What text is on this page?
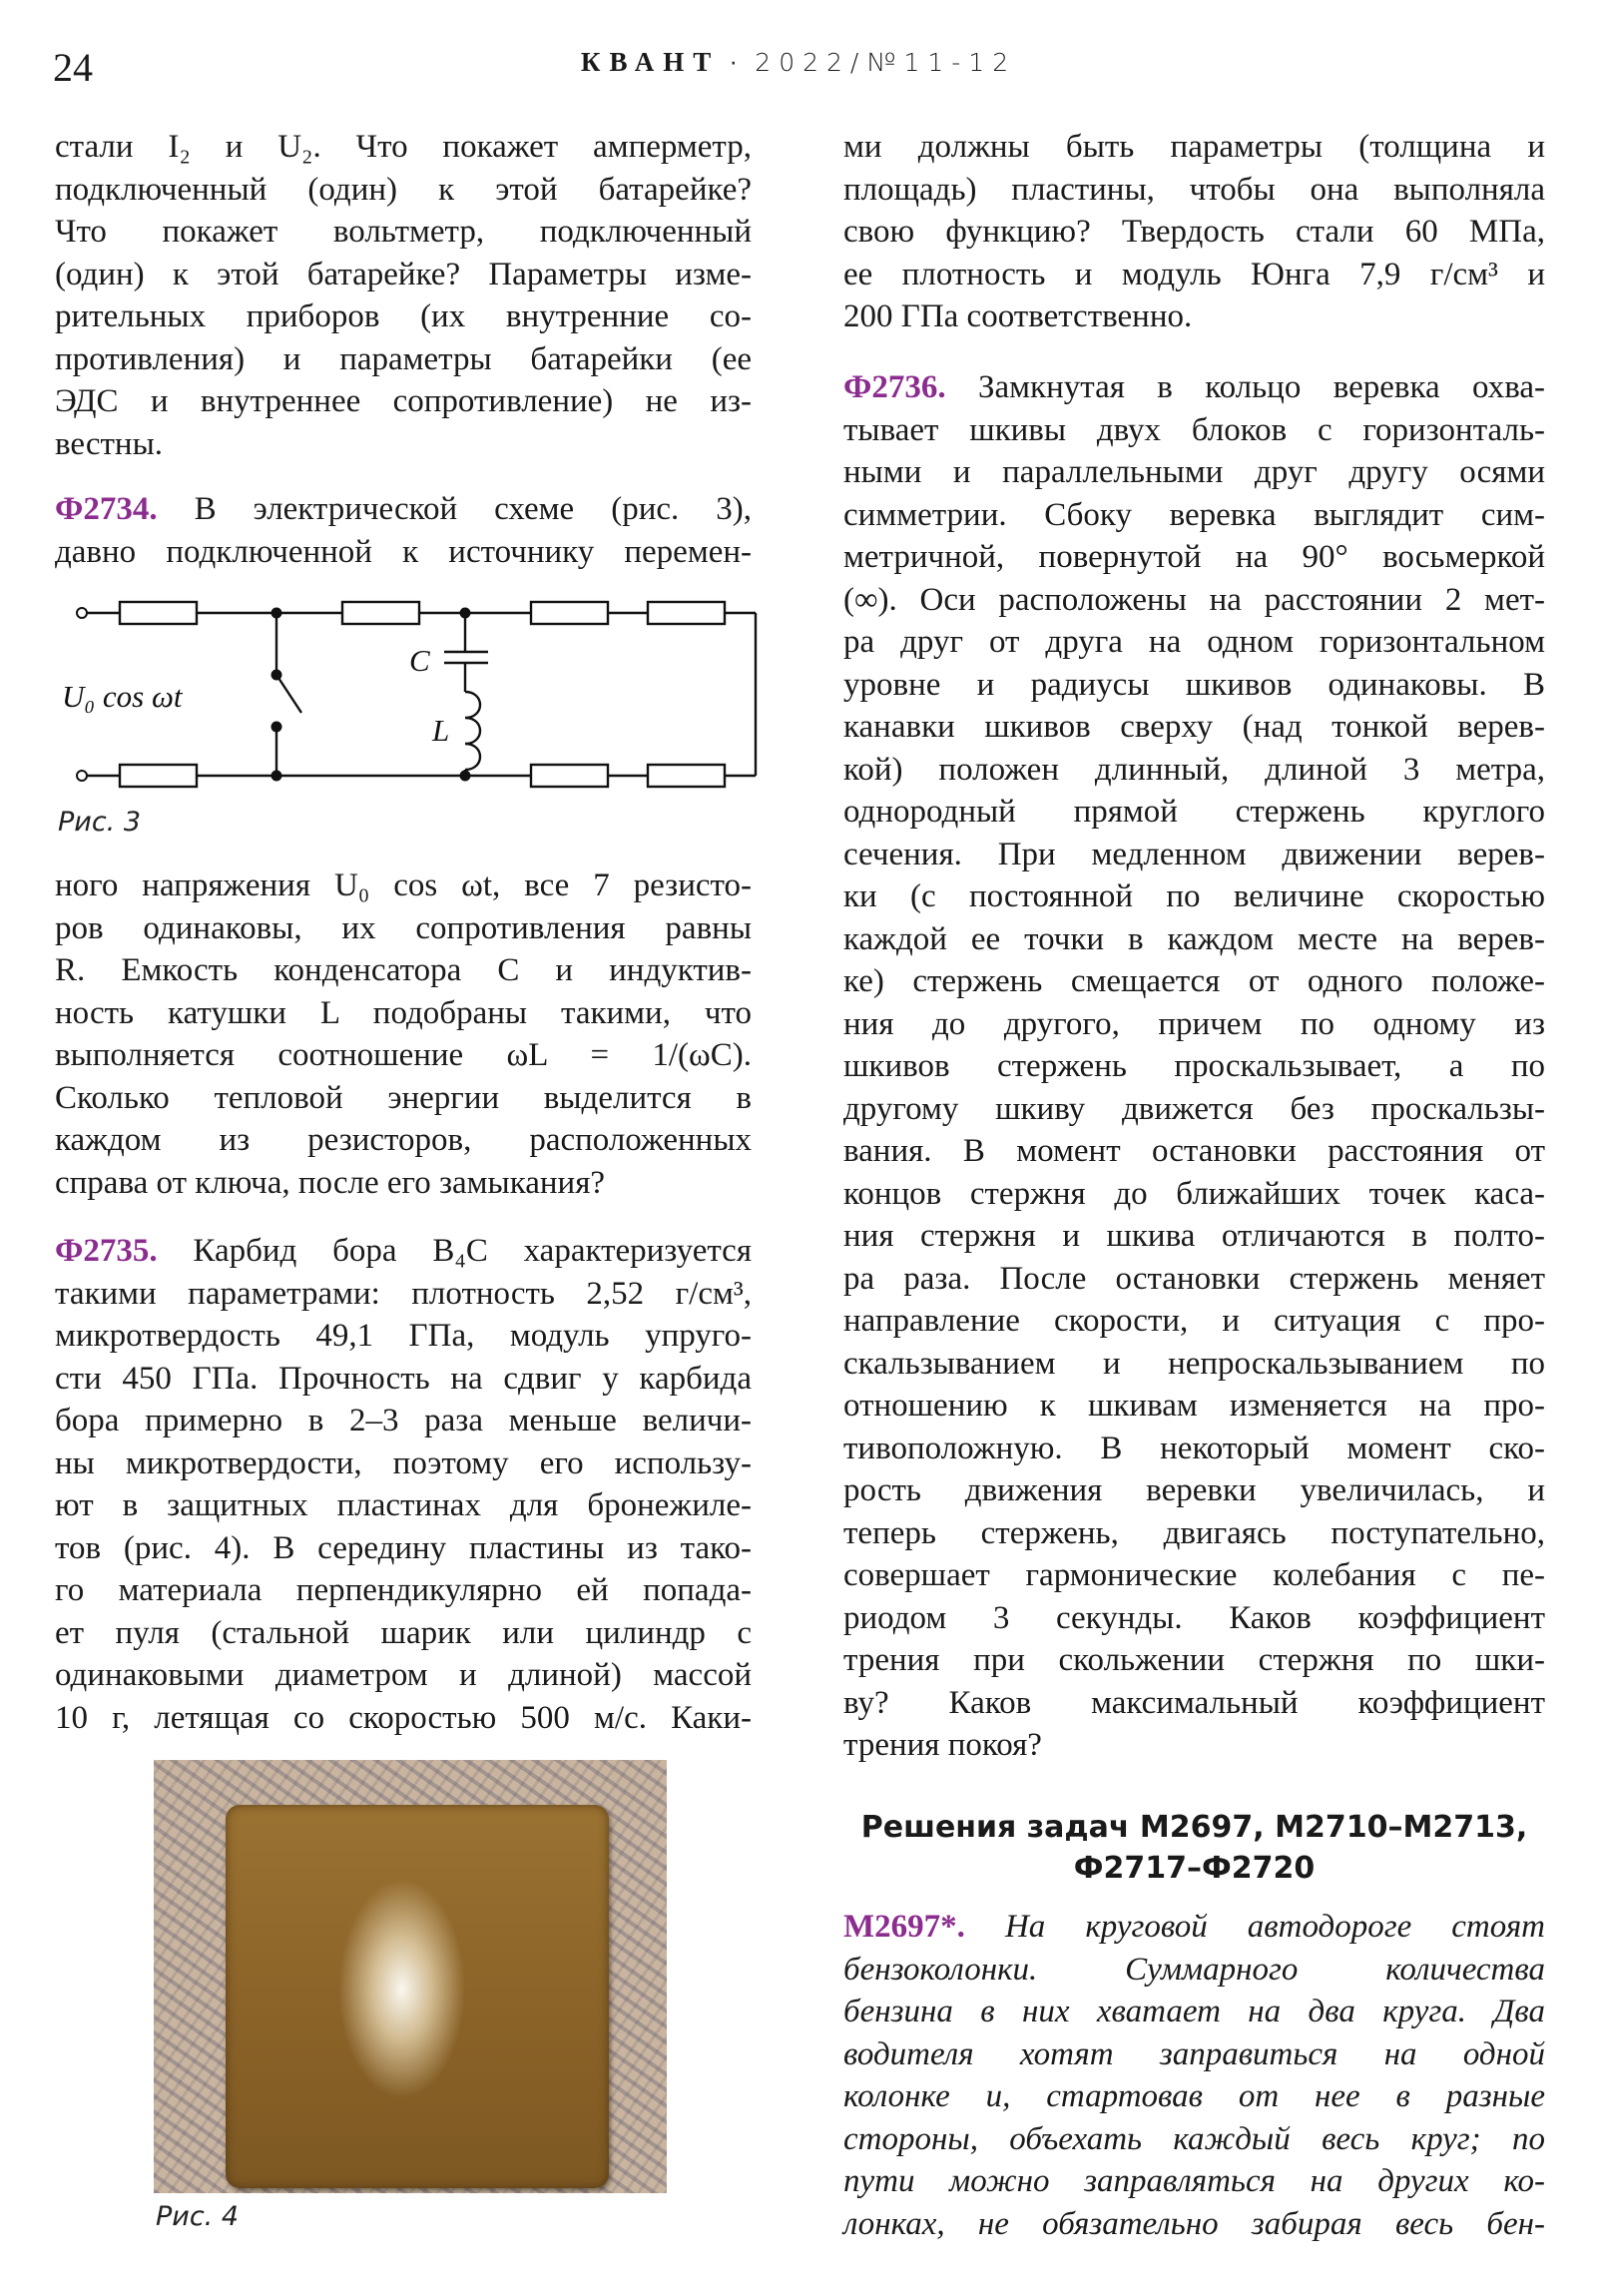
24	КВАНТ · 2022/№11-12
стали I₂ и U₂. Что покажет амперметр,
подключенный (один) к этой батарейке?
Что покажет вольтметр, подключенный
(один) к этой батарейке? Параметры изме-
рительных приборов (их внутренние со-
противления) и параметры батарейки (ее
ЭДС и внутреннее сопротивление) не из-
вестны.
Ф2734. В электрической схеме (рис. 3),
давно подключенной к источнику перемен-
ного напряжения U₀ cos ωt, все 7 резисто-
ров одинаковы, их сопротивления равны
R. Емкость конденсатора C и индуктив-
ность катушки L подобраны такими, что
выполняется соотношение ωL = 1/(ωC).
Сколько тепловой энергии выделится в
каждом из резисторов, расположенных
справа от ключа, после его замыкания?
Ф2735. Карбид бора B₄C характеризуется
такими параметрами: плотность 2,52 г/см³,
микротвердость 49,1 ГПа, модуль упруго-
сти 450 ГПа. Прочность на сдвиг у карбида
бора примерно в 2–3 раза меньше величи-
ны микротвердости, поэтому его использу-
ют в защитных пластинах для бронежиле-
тов (рис. 4). В середину пластины из тако-
го материала перпендикулярно ей попада-
ет пуля (стальной шарик или цилиндр с
одинаковыми диаметром и длиной) массой
10 г, летящая со скоростью 500 м/с. Каки-
U₀ cos ωt
C
L
Рис. 3
Рис. 4
ми должны быть параметры (толщина и
площадь) пластины, чтобы она выполняла
свою функцию? Твердость стали 60 МПа,
ее плотность и модуль Юнга 7,9 г/см³ и
200 ГПа соответственно.
Ф2736. Замкнутая в кольцо веревка охва-
тывает шкивы двух блоков с горизонталь-
ными и параллельными друг другу осями
симметрии. Сбоку веревка выглядит сим-
метричной, повернутой на 90° восьмеркой
(∞). Оси расположены на расстоянии 2 мет-
ра друг от друга на одном горизонтальном
уровне и радиусы шкивов одинаковы. В
канавки шкивов сверху (над тонкой верев-
кой) положен длинный, длиной 3 метра,
однородный прямой стержень круглого
сечения. При медленном движении верев-
ки (с постоянной по величине скоростью
каждой ее точки в каждом месте на верев-
ке) стержень смещается от одного положе-
ния до другого, причем по одному из
шкивов стержень проскальзывает, а по
другому шкиву движется без проскальзы-
вания. В момент остановки расстояния от
концов стержня до ближайших точек каса-
ния стержня и шкива отличаются в полто-
ра раза. После остановки стержень меняет
направление скорости, и ситуация с про-
скальзыванием и непроскальзыванием по
отношению к шкивам изменяется на про-
тивоположную. В некоторый момент ско-
рость движения веревки увеличилась, и
теперь стержень, двигаясь поступательно,
совершает гармонические колебания с пе-
риодом 3 секунды. Каков коэффициент
трения при скольжении стержня по шки-
ву? Каков максимальный коэффициент
трения покоя?
М2697*. На круговой автодороге стоят
бензоколонки. Суммарного количества
бензина в них хватает на два круга. Два
водителя хотят заправиться на одной
колонке и, стартовав от нее в разные
стороны, объехать каждый весь круг; по
пути можно заправляться на других ко-
лонках, не обязательно забирая весь бен-
Решения задач М2697, М2710–М2713,
Ф2717–Ф2720
